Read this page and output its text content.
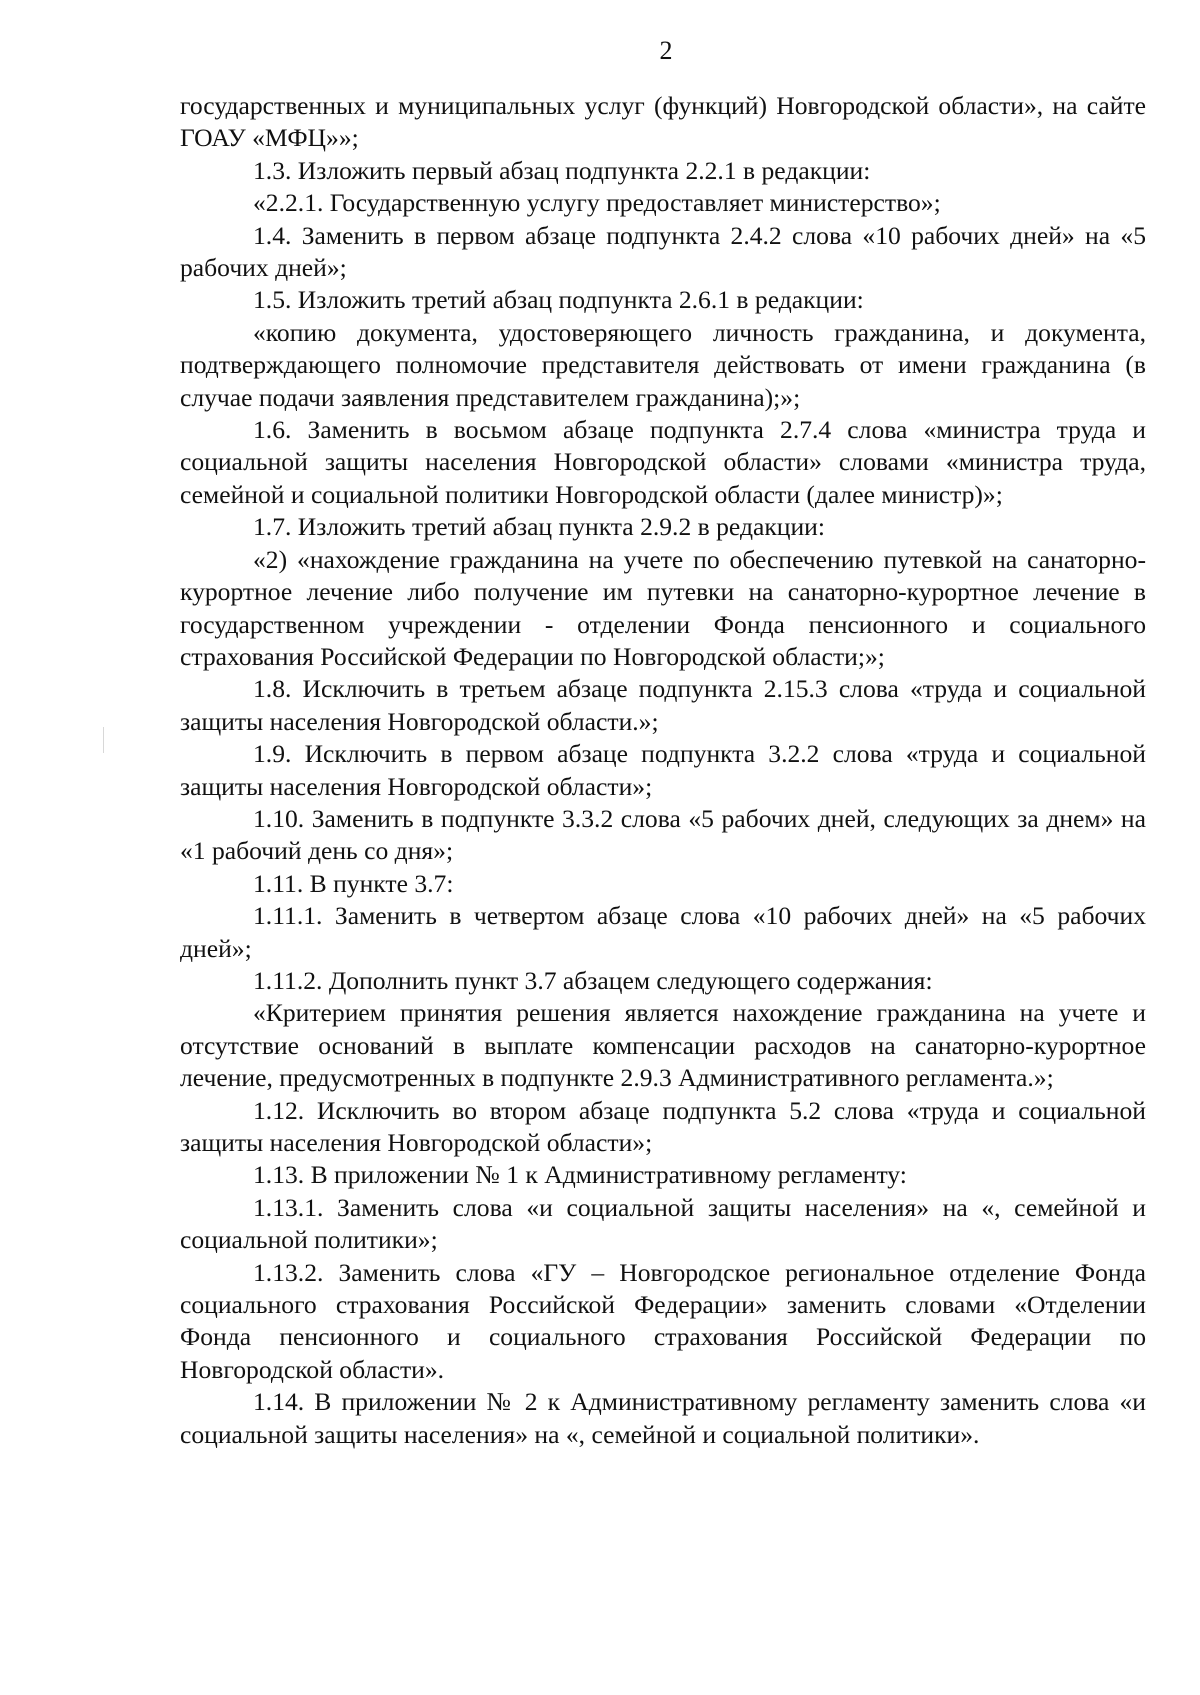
2

государственных и муниципальных услуг (функций) Новгородской области», на сайте ГОАУ «МФЦ»»;

1.3. Изложить первый абзац подпункта 2.2.1 в редакции:

«2.2.1. Государственную услугу предоставляет министерство»;

1.4. Заменить в первом абзаце подпункта 2.4.2 слова «10 рабочих дней» на «5 рабочих дней»;

1.5. Изложить третий абзац подпункта 2.6.1 в редакции:

«копию документа, удостоверяющего личность гражданина, и документа, подтверждающего полномочие представителя действовать от имени гражданина (в случае подачи заявления представителем гражданина);»;

1.6. Заменить в восьмом абзаце подпункта 2.7.4 слова «министра труда и социальной защиты населения Новгородской области» словами «министра труда, семейной и социальной политики Новгородской области (далее министр)»;

1.7. Изложить третий абзац пункта 2.9.2 в редакции:

«2) «нахождение гражданина на учете по обеспечению путевкой на санаторно-курортное лечение либо получение им путевки на санаторно-курортное лечение в государственном учреждении - отделении Фонда пенсионного и социального страхования Российской Федерации по Новгородской области;»;

1.8. Исключить в третьем абзаце подпункта 2.15.3 слова «труда и социальной защиты населения Новгородской области.»;

1.9. Исключить в первом абзаце подпункта 3.2.2 слова «труда и социальной защиты населения Новгородской области»;

1.10. Заменить в подпункте 3.3.2 слова «5 рабочих дней, следующих за днем» на «1 рабочий день со дня»;

1.11. В пункте 3.7:

1.11.1. Заменить в четвертом абзаце слова «10 рабочих дней» на «5 рабочих дней»;

1.11.2. Дополнить пункт 3.7 абзацем следующего содержания:

«Критерием принятия решения является нахождение гражданина на учете и отсутствие оснований в выплате компенсации расходов на санаторно-курортное лечение, предусмотренных в подпункте 2.9.3 Административного регламента.»;

1.12. Исключить во втором абзаце подпункта 5.2 слова «труда и социальной защиты населения Новгородской области»;

1.13. В приложении № 1 к Административному регламенту:

1.13.1. Заменить слова «и социальной защиты населения» на «, семейной и социальной политики»;

1.13.2. Заменить слова «ГУ – Новгородское региональное отделение Фонда социального страхования Российской Федерации» заменить словами «Отделении Фонда пенсионного и социального страхования Российской Федерации по Новгородской области».

1.14. В приложении № 2 к Административному регламенту заменить слова «и социальной защиты населения» на «, семейной и социальной политики».
